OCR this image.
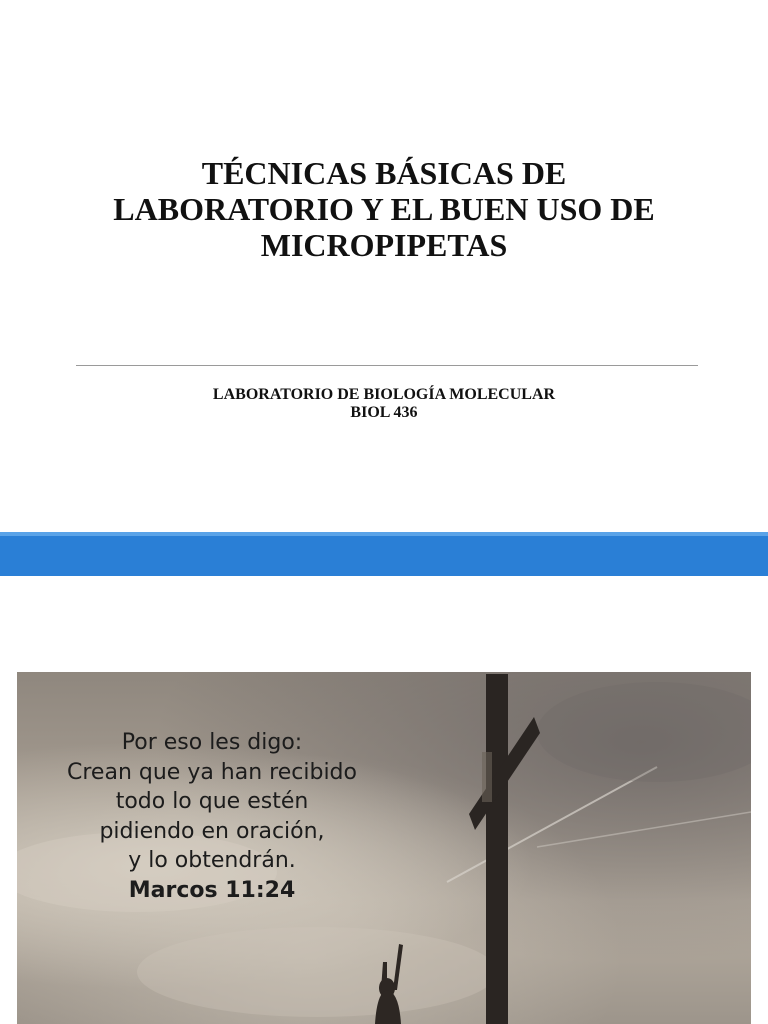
TÉCNICAS BÁSICAS DE
LABORATORIO Y EL BUEN USO DE
MICROPIPETAS
LABORATORIO DE BIOLOGÍA MOLECULAR
BIOL 436
Por eso les digo:
Crean que ya han recibido
todo lo que estén
pidiendo en oración,
y lo obtendrán.
Marcos 11:24
